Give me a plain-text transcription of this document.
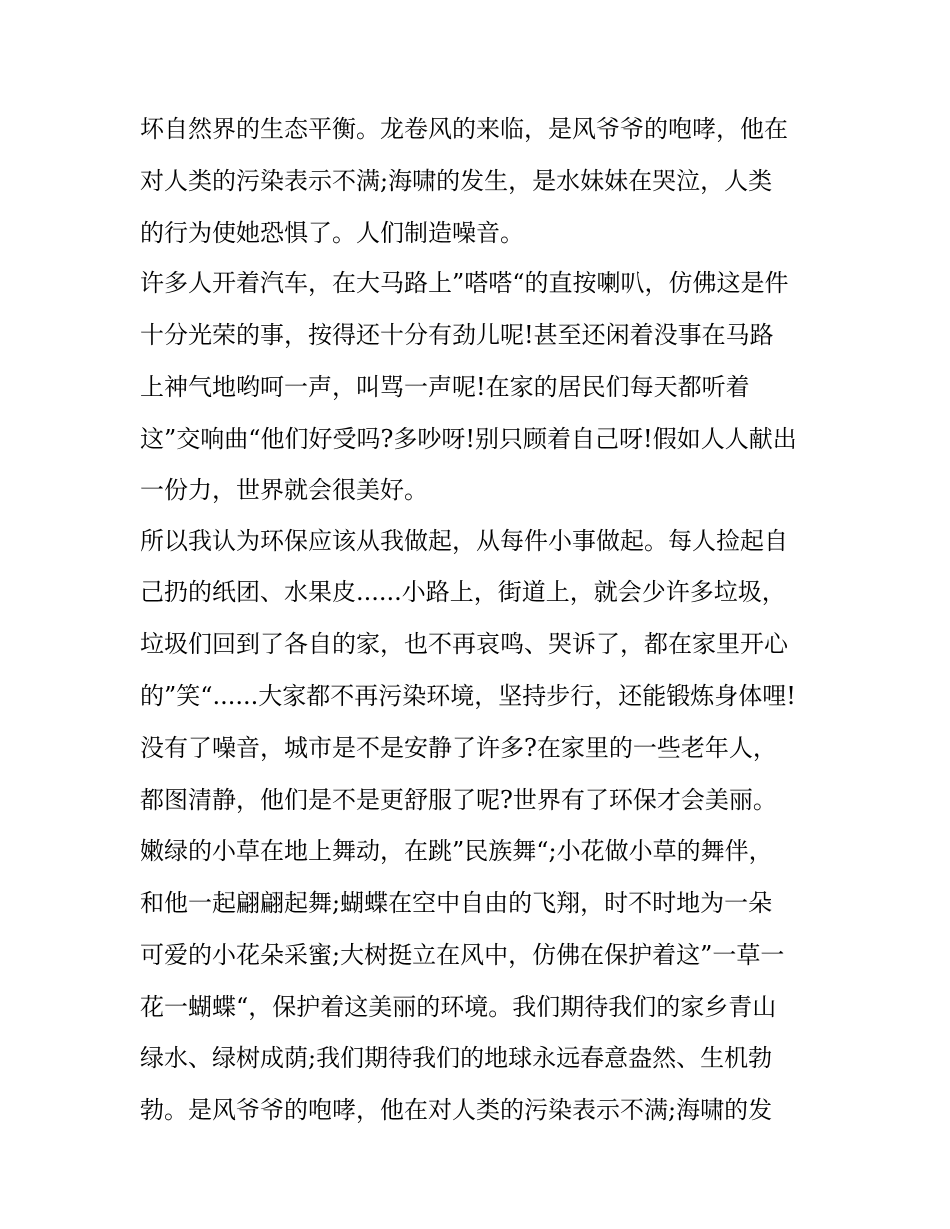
坏自然界的生态平衡。龙卷风的来临，是风爷爷的咆哮，他在
对人类的污染表示不满;海啸的发生，是水妹妹在哭泣，人类
的行为使她恐惧了。人们制造噪音。
许多人开着汽车，在大马路上”嗒嗒“的直按喇叭，仿佛这是件
十分光荣的事，按得还十分有劲儿呢!甚至还闲着没事在马路
上神气地哟呵一声，叫骂一声呢!在家的居民们每天都听着
这”交响曲“他们好受吗?多吵呀!别只顾着自己呀!假如人人献出
一份力，世界就会很美好。
所以我认为环保应该从我做起，从每件小事做起。每人捡起自
己扔的纸团、水果皮......小路上，街道上，就会少许多垃圾，
垃圾们回到了各自的家，也不再哀鸣、哭诉了，都在家里开心
的”笑“......大家都不再污染环境，坚持步行，还能锻炼身体哩!
没有了噪音，城市是不是安静了许多?在家里的一些老年人，
都图清静，他们是不是更舒服了呢?世界有了环保才会美丽。
嫩绿的小草在地上舞动，在跳”民族舞“;小花做小草的舞伴，
和他一起翩翩起舞;蝴蝶在空中自由的飞翔，时不时地为一朵
可爱的小花朵采蜜;大树挺立在风中，仿佛在保护着这”一草一
花一蝴蝶“，保护着这美丽的环境。我们期待我们的家乡青山
绿水、绿树成荫;我们期待我们的地球永远春意盎然、生机勃
勃。是风爷爷的咆哮，他在对人类的污染表示不满;海啸的发
